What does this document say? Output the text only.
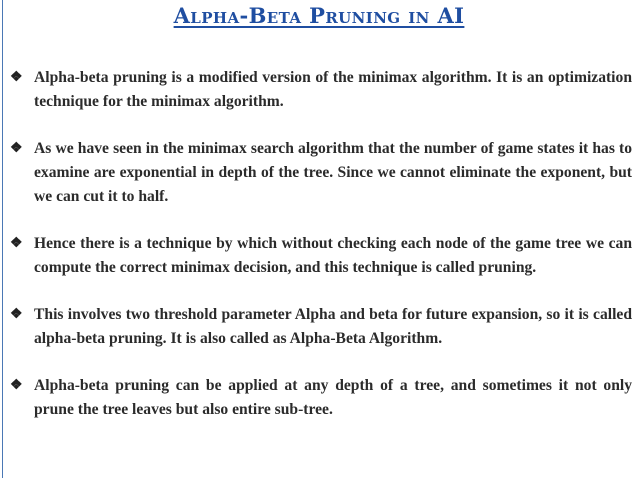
Alpha-Beta Pruning in AI
❖ Alpha-beta pruning is a modified version of the minimax algorithm. It is an optimization technique for the minimax algorithm.
❖ As we have seen in the minimax search algorithm that the number of game states it has to examine are exponential in depth of the tree. Since we cannot eliminate the exponent, but we can cut it to half.
❖ Hence there is a technique by which without checking each node of the game tree we can compute the correct minimax decision, and this technique is called pruning.
❖ This involves two threshold parameter Alpha and beta for future expansion, so it is called alpha-beta pruning. It is also called as Alpha-Beta Algorithm.
❖ Alpha-beta pruning can be applied at any depth of a tree, and sometimes it not only prune the tree leaves but also entire sub-tree.
